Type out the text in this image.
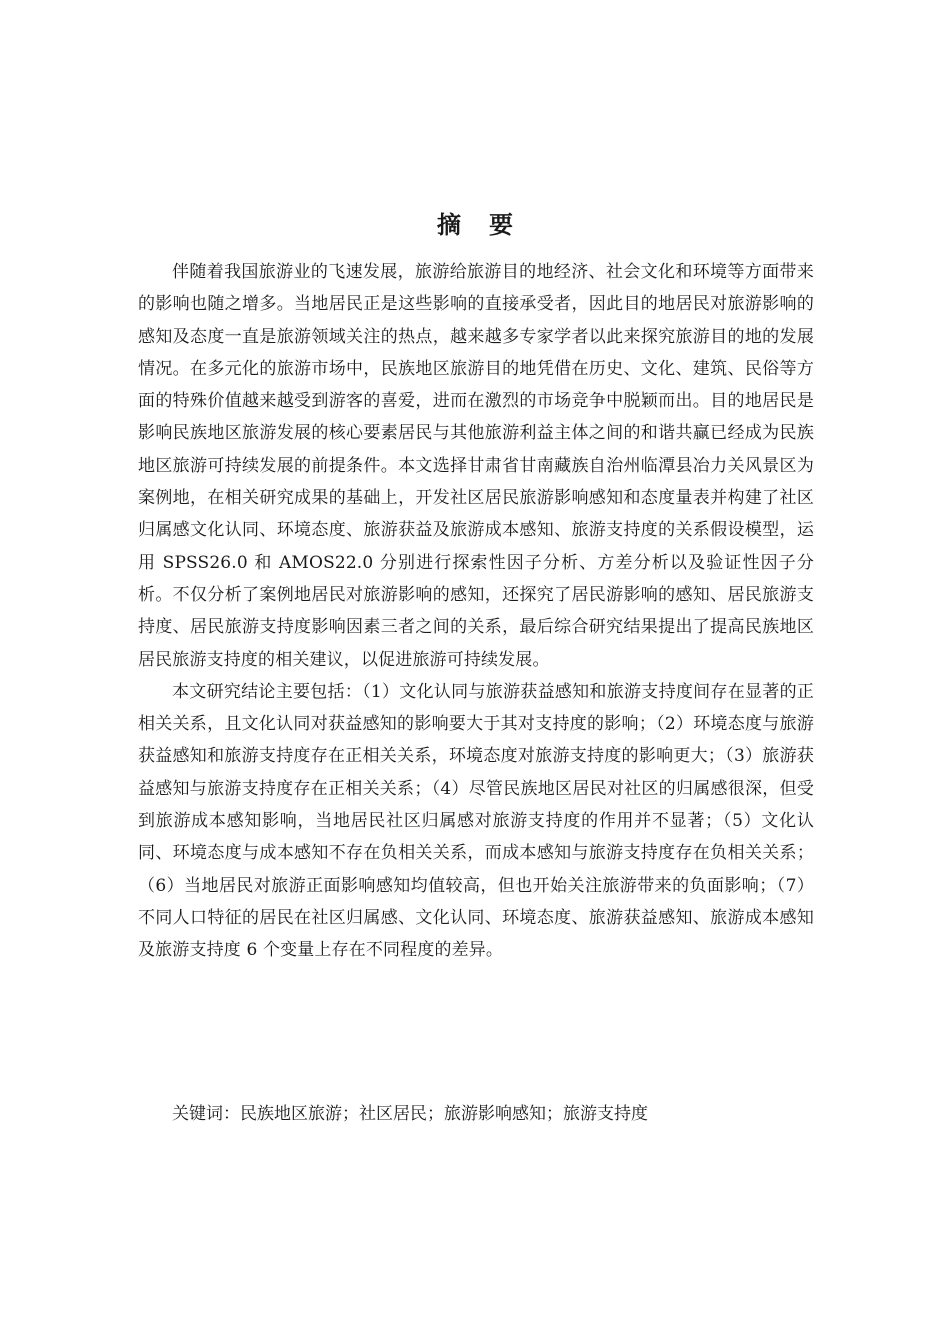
摘要

伴随着我国旅游业的飞速发展，旅游给旅游目的地经济、社会文化和环境等方面带来的影响也随之增多。当地居民正是这些影响的直接承受者，因此目的地居民对旅游影响的感知及态度一直是旅游领域关注的热点，越来越多专家学者以此来探究旅游目的地的发展情况。在多元化的旅游市场中，民族地区旅游目的地凭借在历史、文化、建筑、民俗等方面的特殊价值越来越受到游客的喜爱，进而在激烈的市场竞争中脱颖而出。目的地居民是影响民族地区旅游发展的核心要素居民与其他旅游利益主体之间的和谐共赢已经成为民族地区旅游可持续发展的前提条件。本文选择甘肃省甘南藏族自治州临潭县冶力关风景区为案例地，在相关研究成果的基础上，开发社区居民旅游影响感知和态度量表并构建了社区归属感文化认同、环境态度、旅游获益及旅游成本感知、旅游支持度的关系假设模型，运用 SPSS26.0 和 AMOS22.0 分别进行探索性因子分析、方差分析以及验证性因子分析。不仅分析了案例地居民对旅游影响的感知，还探究了居民游影响的感知、居民旅游支持度、居民旅游支持度影响因素三者之间的关系，最后综合研究结果提出了提高民族地区居民旅游支持度的相关建议，以促进旅游可持续发展。

本文研究结论主要包括：（1）文化认同与旅游获益感知和旅游支持度间存在显著的正相关关系，且文化认同对获益感知的影响要大于其对支持度的影响；（2）环境态度与旅游获益感知和旅游支持度存在正相关关系，环境态度对旅游支持度的影响更大；（3）旅游获益感知与旅游支持度存在正相关关系；（4）尽管民族地区居民对社区的归属感很深，但受到旅游成本感知影响，当地居民社区归属感对旅游支持度的作用并不显著；（5）文化认同、环境态度与成本感知不存在负相关关系，而成本感知与旅游支持度存在负相关关系；（6）当地居民对旅游正面影响感知均值较高，但也开始关注旅游带来的负面影响；（7）不同人口特征的居民在社区归属感、文化认同、环境态度、旅游获益感知、旅游成本感知及旅游支持度 6 个变量上存在不同程度的差异。

关键词：民族地区旅游；社区居民；旅游影响感知；旅游支持度
